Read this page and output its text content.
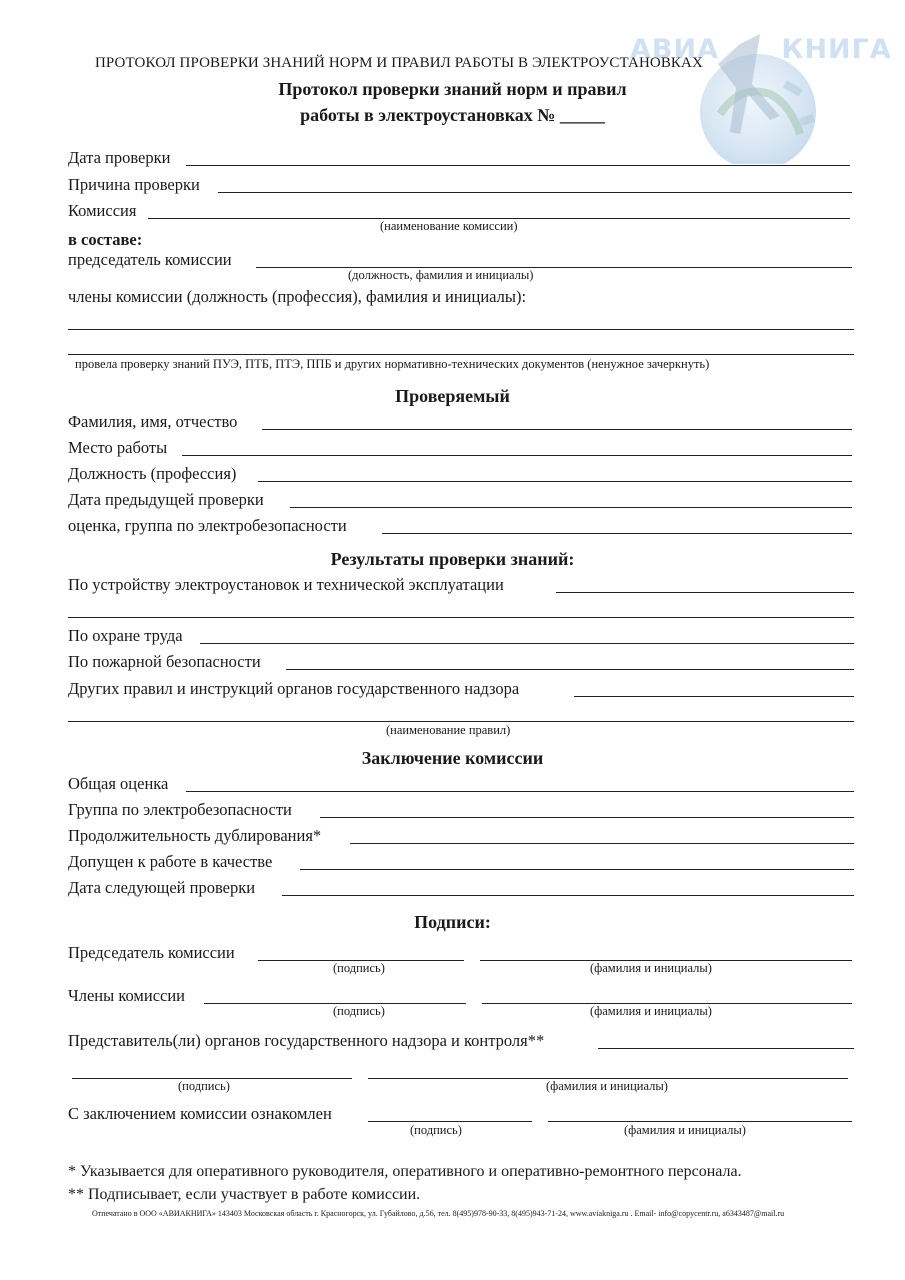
АВИА КНИГА
ПРОТОКОЛ ПРОВЕРКИ ЗНАНИЙ НОРМ И ПРАВИЛ РАБОТЫ В ЭЛЕКТРОУСТАНОВКАХ
Протокол проверки знаний норм и правил
работы в электроустановках № _____
Дата проверки
Причина проверки
Комиссия
(наименование комиссии)
в составе:
председатель комиссии
(должность, фамилия и инициалы)
члены комиссии (должность (профессия), фамилия и инициалы):
провела проверку знаний ПУЭ, ПТБ, ПТЭ, ППБ и других нормативно-технических документов (ненужное зачеркнуть)
Проверяемый
Фамилия, имя, отчество
Место работы
Должность (профессия)
Дата предыдущей проверки
оценка, группа по электробезопасности
Результаты проверки знаний:
По устройству электроустановок и технической эксплуатации
По охране труда
По пожарной безопасности
Других правил и инструкций органов государственного надзора
(наименование правил)
Заключение комиссии
Общая оценка
Группа по электробезопасности
Продолжительность дублирования*
Допущен к работе в качестве
Дата следующей проверки
Подписи:
Председатель комиссии
(подпись)	(фамилия и инициалы)
Члены комиссии
(подпись)	(фамилия и инициалы)
Представитель(ли) органов государственного надзора и контроля**
(подпись)	(фамилия и инициалы)
С заключением комиссии ознакомлен
(подпись)	(фамилия и инициалы)
* Указывается для оперативного руководителя, оперативного и оперативно-ремонтного персонала.
** Подписывает, если участвует в работе комиссии.
Отпечатано в ООО «АВИАКНИГА» 143403 Московская область г. Красногорск, ул. Губайлово, д.56, тел. 8(495)978-90-33, 8(495)943-71-24, www.aviaknigа.ru . Email- info@copycentr.ru, a6343487@mail.ru
